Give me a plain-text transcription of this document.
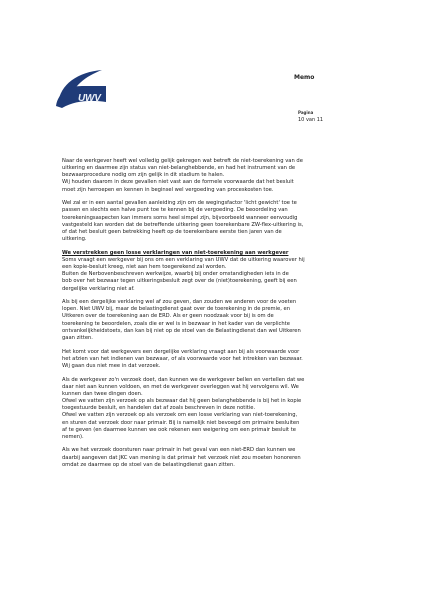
UWV
Memo
Pagina
10 van 11
Naar de werkgever heeft wel volledig gelijk gekregen wat betreft de niet-toerekening van de
uitkering en daarmee zijn status van niet-belanghebbende, en had het instrument van de
bezwaarprocedure nodig om zijn gelijk in dit stadium te halen.
Wij houden daarom in deze gevallen niet vast aan de formele voorwaarde dat het besluit
moet zijn herroepen en kennen in beginsel wel vergoeding van proceskosten toe.
Wel zal er in een aantal gevallen aanleiding zijn om de wegingsfactor 'licht gewicht' toe te
passen en slechts een halve punt toe te kennen bij de vergoeding. De beoordeling van
toerekeningsaspecten kan immers soms heel simpel zijn, bijvoorbeeld wanneer eenvoudig
vastgesteld kan worden dat de betreffende uitkering geen toerekenbare ZW-flex-uitkering is,
of dat het besluit geen betrekking heeft op de toerekenbare eerste tien jaren van de
uitkering.
We verstrekken geen losse verklaringen van niet-toerekening aan werkgever
Soms vraagt een werkgever bij ons om een verklaring van UWV dat de uitkering waarover hij
een kopie-besluit kreeg, niet aan hem toegerekend zal worden.
Buiten de Nerbovenbeschreven werkwijze, waarbij bij onder omstandigheden iets in de
bob over het bezwaar tegen uitkeringsbesluit zegt over de (niet)toerekening, geeft bij een
dergelijke verklaring niet af.
Als bij een dergelijke verklaring wel af zou geven, dan zouden we anderen voor de voeten
lopen. Niet UWV bij, maar de belastingdienst gaat over de toerekening in de premie, en
Uitkeren over de toerekening aan de ERD. Als er geen noodzaak voor bij is om de
toerekening te beoordelen, zoals die er wel is in bezwaar in het kader van de verplichte
ontvankelijkheidstoets, dan kan bij niet op de stoel van de Belastingdienst dan wel Uitkeren
gaan zitten.
Het komt voor dat werkgevers een dergelijke verklaring vraagt aan bij als voorwaarde voor
het afzien van het indienen van bezwaar, of als voorwaarde voor het intrekken van bezwaar.
Wij gaan dus niet mee in dat verzoek.
Als de werkgever zo'n verzoek doet, dan kunnen we de werkgever bellen en vertellen dat we
daar niet aan kunnen voldoen, en met de werkgever overleggen wat hij vervolgens wil. We
kunnen dan twee dingen doen.
Ofwel we vatten zijn verzoek op als bezwaar dat hij geen belanghebbende is bij het in kopie
toegestuurde besluit, en handelen dat af zoals beschreven in deze notitie.
Ofwel we vatten zijn verzoek op als verzoek om een losse verklaring van niet-toerekening,
en sturen dat verzoek door naar primair. Bij is namelijk niet bevoegd om primaire besluiten
af te geven (en daarmee kunnen we ook rekenen een weigering om een primair besluit te
nemen).
Als we het verzoek doorsturen naar primair in het geval van een niet-ERD dan kunnen we
daarbij aangeven dat JKC van mening is dat primair het verzoek niet zou moeten honoreren
omdat ze daarmee op de stoel van de belastingdienst gaan zitten.
